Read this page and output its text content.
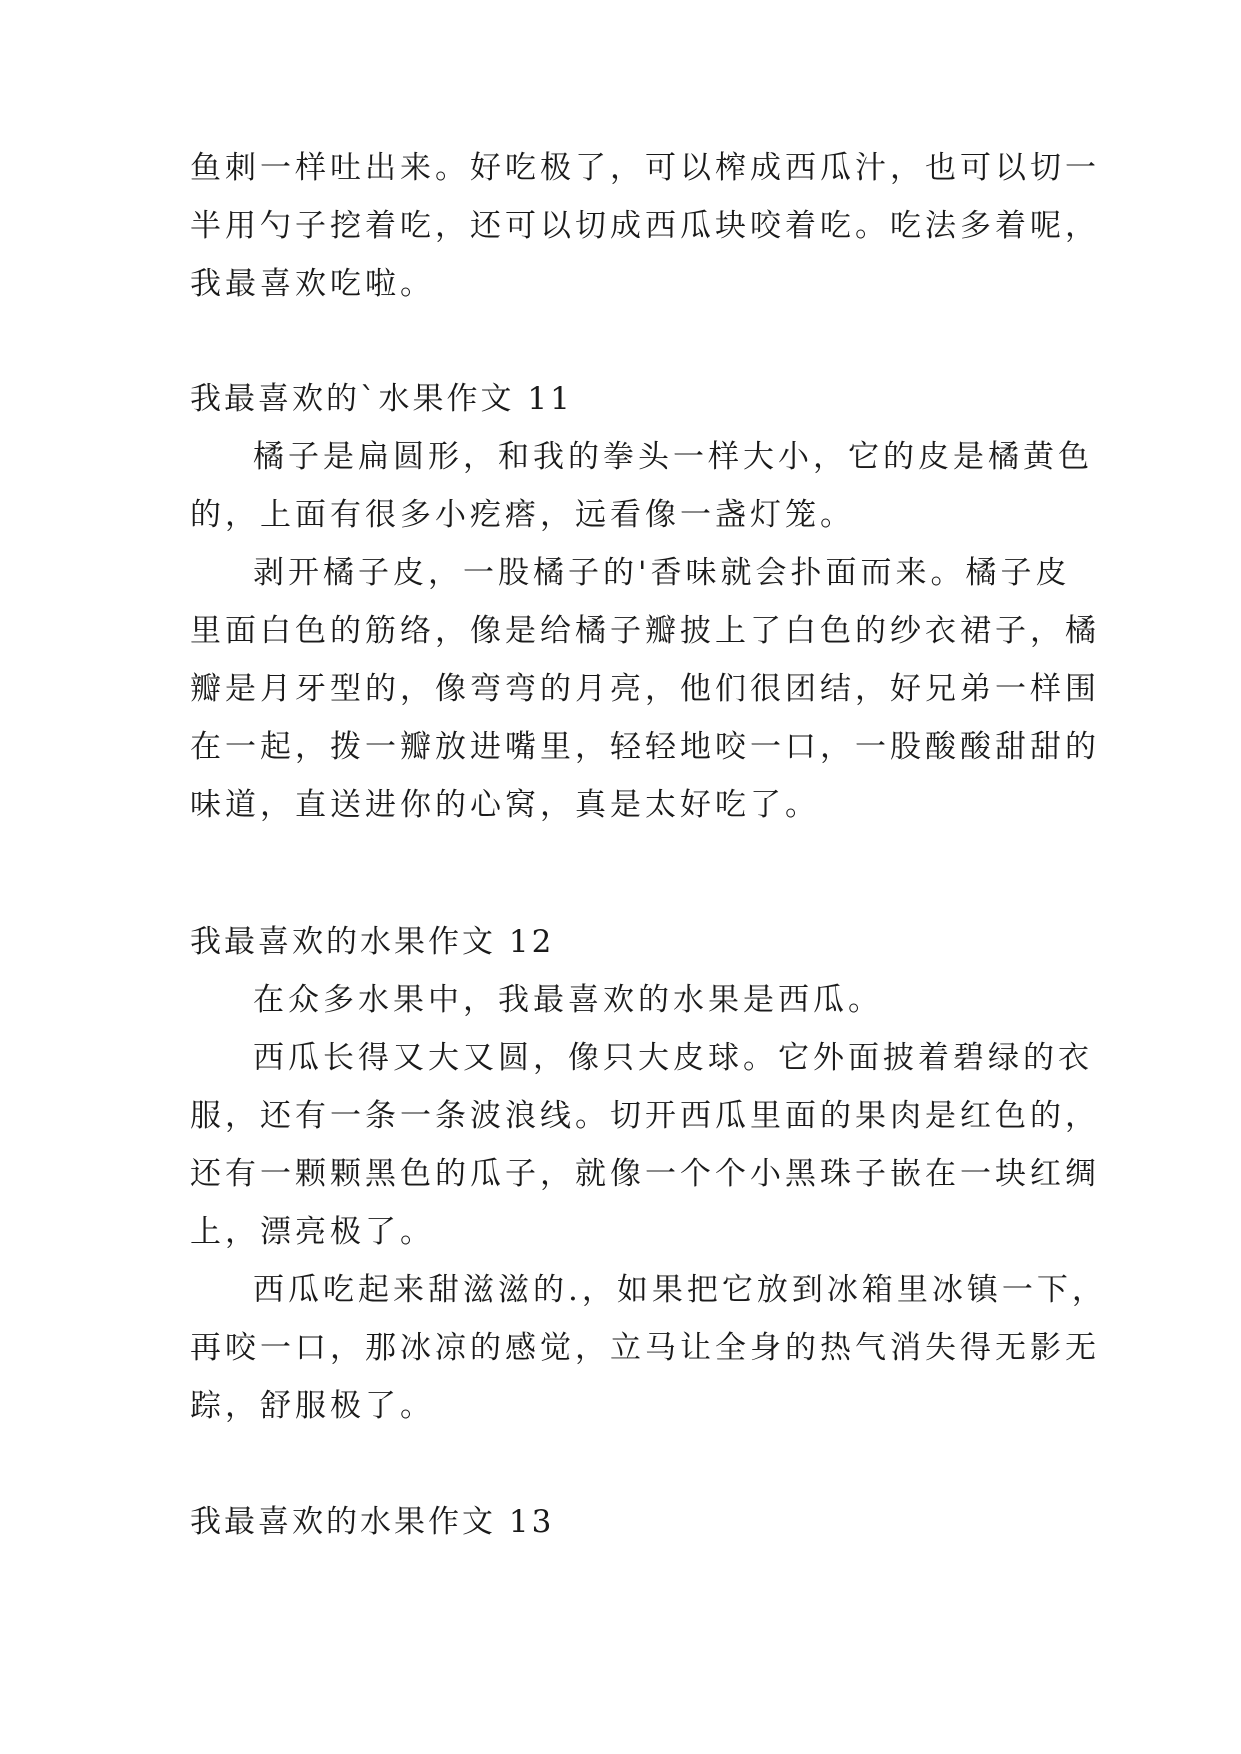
鱼刺一样吐出来。好吃极了，可以榨成西瓜汁，也可以切一
半用勺子挖着吃，还可以切成西瓜块咬着吃。吃法多着呢，
我最喜欢吃啦。
我最喜欢的`水果作文 11
橘子是扁圆形，和我的拳头一样大小，它的皮是橘黄色
的，上面有很多小疙瘩，远看像一盏灯笼。
剥开橘子皮，一股橘子的'香味就会扑面而来。橘子皮
里面白色的筋络，像是给橘子瓣披上了白色的纱衣裙子，橘
瓣是月牙型的，像弯弯的月亮，他们很团结，好兄弟一样围
在一起，拨一瓣放进嘴里，轻轻地咬一口，一股酸酸甜甜的
味道，直送进你的心窝，真是太好吃了。
我最喜欢的水果作文 12
在众多水果中，我最喜欢的水果是西瓜。
西瓜长得又大又圆，像只大皮球。它外面披着碧绿的衣
服，还有一条一条波浪线。切开西瓜里面的果肉是红色的，
还有一颗颗黑色的瓜子，就像一个个小黑珠子嵌在一块红绸
上，漂亮极了。
西瓜吃起来甜滋滋的.，如果把它放到冰箱里冰镇一下，
再咬一口，那冰凉的感觉，立马让全身的热气消失得无影无
踪，舒服极了。
我最喜欢的水果作文 13
